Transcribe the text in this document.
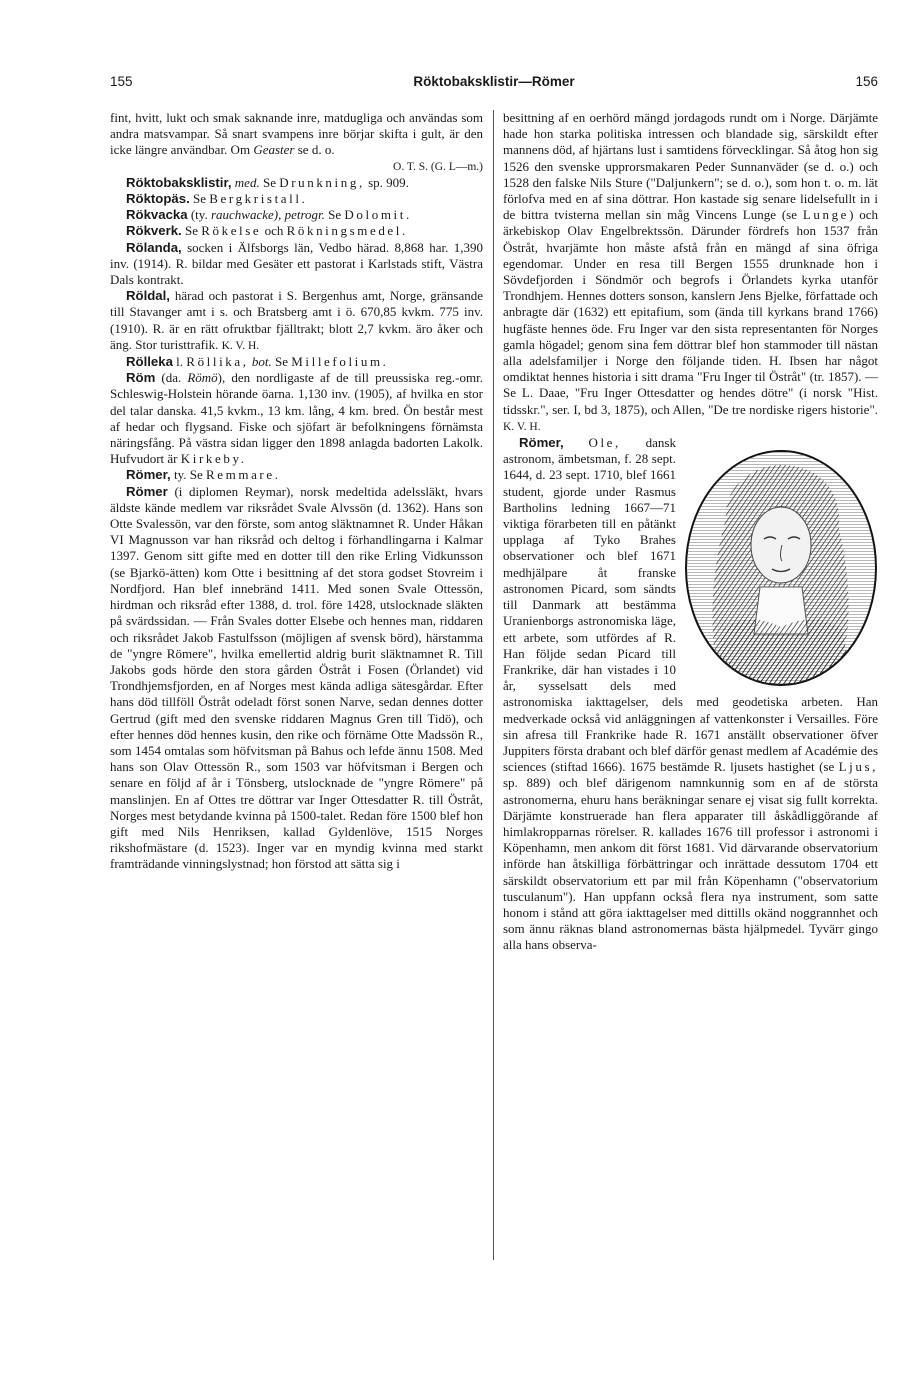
155	Röktobaksklistir—Römer	156

fint, hvitt, lukt och smak saknande inre, matdugliga och användas som andra matsvampar. Så snart svampens inre börjar skifta i gult, är den icke längre användbar. Om Geaster se d. o.

O. T. S. (G. L—m.)

Röktobaksklistir, med. Se Drunkning, sp. 909.

Röktopäs. Se Bergkristall.

Rökvacka (ty. rauchwacke), petrogr. Se Dolomit.

Rökverk. Se Rökelse och Rökningsmedel.

Rölanda, socken i Älfsborgs län, Vedbo härad. 8,868 har. 1,390 inv. (1914). R. bildar med Gesäter ett pastorat i Karlstads stift, Västra Dals kontrakt.

Röldal, härad och pastorat i S. Bergenhus amt, Norge, gränsande till Stavanger amt i s. och Bratsberg amt i ö. 670,85 kvkm. 775 inv. (1910). R. är en rätt ofruktbar fjälltrakt; blott 2,7 kvkm. äro åker och äng. Stor turisttrafik. K. V. H.

Rölleka l. Röllika, bot. Se Millefolium.

Röm (da. Römö), den nordligaste af de till preussiska reg.-omr. Schleswig-Holstein hörande öarna. 1,130 inv. (1905), af hvilka en stor del talar danska. 41,5 kvkm., 13 km. lång, 4 km. bred. Ön består mest af hedar och flygsand. Fiske och sjöfart är befolkningens förnämsta näringsfång. På västra sidan ligger den 1898 anlagda badorten Lakolk. Hufvudort är Kirkeby.

Römer, ty. Se Remmare.

Römer (i diplomen Reymar), norsk medeltida adelssläkt, hvars äldste kände medlem var riksrådet Svale Alvssön (d. 1362). Hans son Otte Svalessön, var den förste, som antog släktnamnet R. Under Håkan VI Magnusson var han riksråd och deltog i förhandlingarna i Kalmar 1397. Genom sitt gifte med en dotter till den rike Erling Vidkunsson (se Bjarkö-ätten) kom Otte i besittning af det stora godset Stovreim i Nordfjord. Han blef innebränd 1411. Med sonen Svale Ottessön, hirdman och riksråd efter 1388, d. trol. före 1428, utslocknade släkten på svärdssidan. — Från Svales dotter Elsebe och hennes man, riddaren och riksrådet Jakob Fastulfsson (möjligen af svensk börd), härstamma de "yngre Römere", hvilka emellertid aldrig burit släktnamnet R. Till Jakobs gods hörde den stora gården Östråt i Fosen (Örlandet) vid Trondhjemsfjorden, en af Norges mest kända adliga sätesgårdar. Efter hans död tillföll Östråt odeladt först sonen Narve, sedan dennes dotter Gertrud (gift med den svenske riddaren Magnus Gren till Tidö), och efter hennes död hennes kusin, den rike och förnäme Otte Madssön R., som 1454 omtalas som höfvitsman på Bahus och lefde ännu 1508. Med hans son Olav Ottessön R., som 1503 var höfvitsman i Bergen och senare en följd af år i Tönsberg, utslocknade de "yngre Römere" på manslinjen. En af Ottes tre döttrar var Inger Ottesdatter R. till Östråt, Norges mest betydande kvinna på 1500-talet. Redan före 1500 blef hon gift med Nils Henriksen, kallad Gyldenlöve, 1515 Norges rikshofmästare (d. 1523). Inger var en myndig kvinna med starkt framträdande vinningslystnad; hon förstod att sätta sig i

besittning af en oerhörd mängd jordagods rundt om i Norge. Därjämte hade hon starka politiska intressen och blandade sig, särskildt efter mannens död, af hjärtans lust i samtidens förvecklingar. Så åtog hon sig 1526 den svenske upprorsmakaren Peder Sunnanväder (se d. o.) och 1528 den falske Nils Sture ("Daljunkern"; se d. o.), som hon t. o. m. lät förlofva med en af sina döttrar. Hon kastade sig senare lidelsefullt in i de bittra tvisterna mellan sin måg Vincens Lunge (se Lunge) och ärkebiskop Olav Engelbrektssön. Därunder fördrefs hon 1537 från Östråt, hvarjämte hon måste afstå från en mängd af sina öfriga egendomar. Under en resa till Bergen 1555 drunknade hon i Sövdefjorden i Söndmör och begrofs i Örlandets kyrka utanför Trondhjem. Hennes dotters sonson, kanslern Jens Bjelke, författade och anbragte där (1632) ett epitafium, som (ända till kyrkans brand 1766) hugfäste hennes öde. Fru Inger var den sista representanten för Norges gamla högadel; genom sina fem döttrar blef hon stammoder till nästan alla adelsfamiljer i Norge den följande tiden. H. Ibsen har något omdiktat hennes historia i sitt drama "Fru Inger til Östråt" (tr. 1857). — Se L. Daae, "Fru Inger Ottesdatter og hendes dötre" (i norsk "Hist. tidsskr.", ser. I, bd 3, 1875), och Allen, "De tre nordiske rigers historie". K. V. H.

Römer, Ole, dansk astronom, ämbetsman, f. 28 sept. 1644, d. 23 sept. 1710, blef 1661 student, gjorde under Rasmus Bartholins ledning 1667—71 viktiga förarbeten till en påtänkt upplaga af Tyko Brahes observationer och blef 1671 medhjälpare åt franske astronomen Picard, som sändts till Danmark att bestämma Uranienborgs astronomiska läge, ett arbete, som utfördes af R. Han följde sedan Picard till Frankrike, där han vistades i 10 år, sysselsatt dels med astronomiska iakttagelser, dels med geodetiska arbeten. Han medverkade också vid anläggningen af vattenkonster i Versailles. Före sin afresa till Frankrike hade R. 1671 anställt observationer öfver Juppiters första drabant och blef därför genast medlem af Académie des sciences (stiftad 1666). 1675 bestämde R. ljusets hastighet (se Ljus, sp. 889) och blef därigenom namnkunnig som en af de största astronomerna, ehuru hans beräkningar senare ej visat sig fullt korrekta. Därjämte konstruerade han flera apparater till åskådliggörande af himlakropparnas rörelser. R. kallades 1676 till professor i astronomi i Köpenhamn, men ankom dit först 1681. Vid därvarande observatorium införde han åtskilliga förbättringar och inrättade dessutom 1704 ett särskildt observatorium ett par mil från Köpenhamn ("observatorium tusculanum"). Han uppfann också flera nya instrument, som satte honom i stånd att göra iakttagelser med dittills okänd noggrannhet och som ännu räknas bland astronomernas bästa hjälpmedel. Tyvärr gingo alla hans observa-
